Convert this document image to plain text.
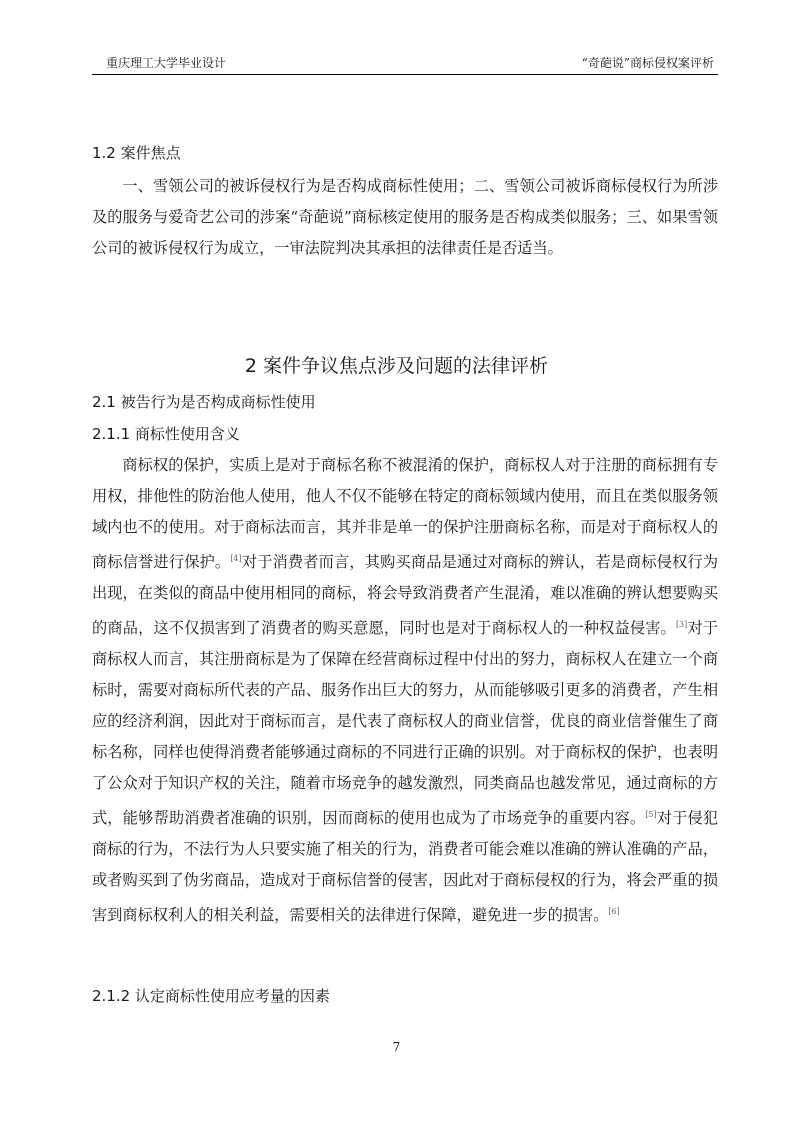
重庆理工大学毕业设计	“奇葩说”商标侵权案评析
1.2 案件焦点

一、雪领公司的被诉侵权行为是否构成商标性使用；二、雪领公司被诉商标侵权行为所涉及的服务与爱奇艺公司的涉案“奇葩说”商标核定使用的服务是否构成类似服务；三、如果雪领公司的被诉侵权行为成立，一审法院判决其承担的法律责任是否适当。

2 案件争议焦点涉及问题的法律评析
2.1 被告行为是否构成商标性使用
2.1.1 商标性使用含义

商标权的保护，实质上是对于商标名称不被混淆的保护，商标权人对于注册的商标拥有专用权，排他性的防治他人使用，他人不仅不能够在特定的商标领域内使用，而且在类似服务领域内也不的使用。对于商标法而言，其并非是单一的保护注册商标名称，而是对于商标权人的商标信誉进行保护。[4]对于消费者而言，其购买商品是通过对商标的辨认，若是商标侵权行为出现，在类似的商品中使用相同的商标，将会导致消费者产生混淆，难以准确的辨认想要购买的商品，这不仅损害到了消费者的购买意愿，同时也是对于商标权人的一种权益侵害。[3]对于商标权人而言，其注册商标是为了保障在经营商标过程中付出的努力，商标权人在建立一个商标时，需要对商标所代表的产品、服务作出巨大的努力，从而能够吸引更多的消费者，产生相应的经济利润，因此对于商标而言，是代表了商标权人的商业信誉，优良的商业信誉催生了商标名称，同样也使得消费者能够通过商标的不同进行正确的识别。对于商标权的保护，也表明了公众对于知识产权的关注，随着市场竞争的越发激烈，同类商品也越发常见，通过商标的方式，能够帮助消费者准确的识别，因而商标的使用也成为了市场竞争的重要内容。[5]对于侵犯商标的行为，不法行为人只要实施了相关的行为，消费者可能会难以准确的辨认准确的产品，或者购买到了伪劣商品，造成对于商标信誉的侵害，因此对于商标侵权的行为，将会严重的损害到商标权利人的相关利益，需要相关的法律进行保障，避免进一步的损害。[6]

2.1.2 认定商标性使用应考量的因素
7
